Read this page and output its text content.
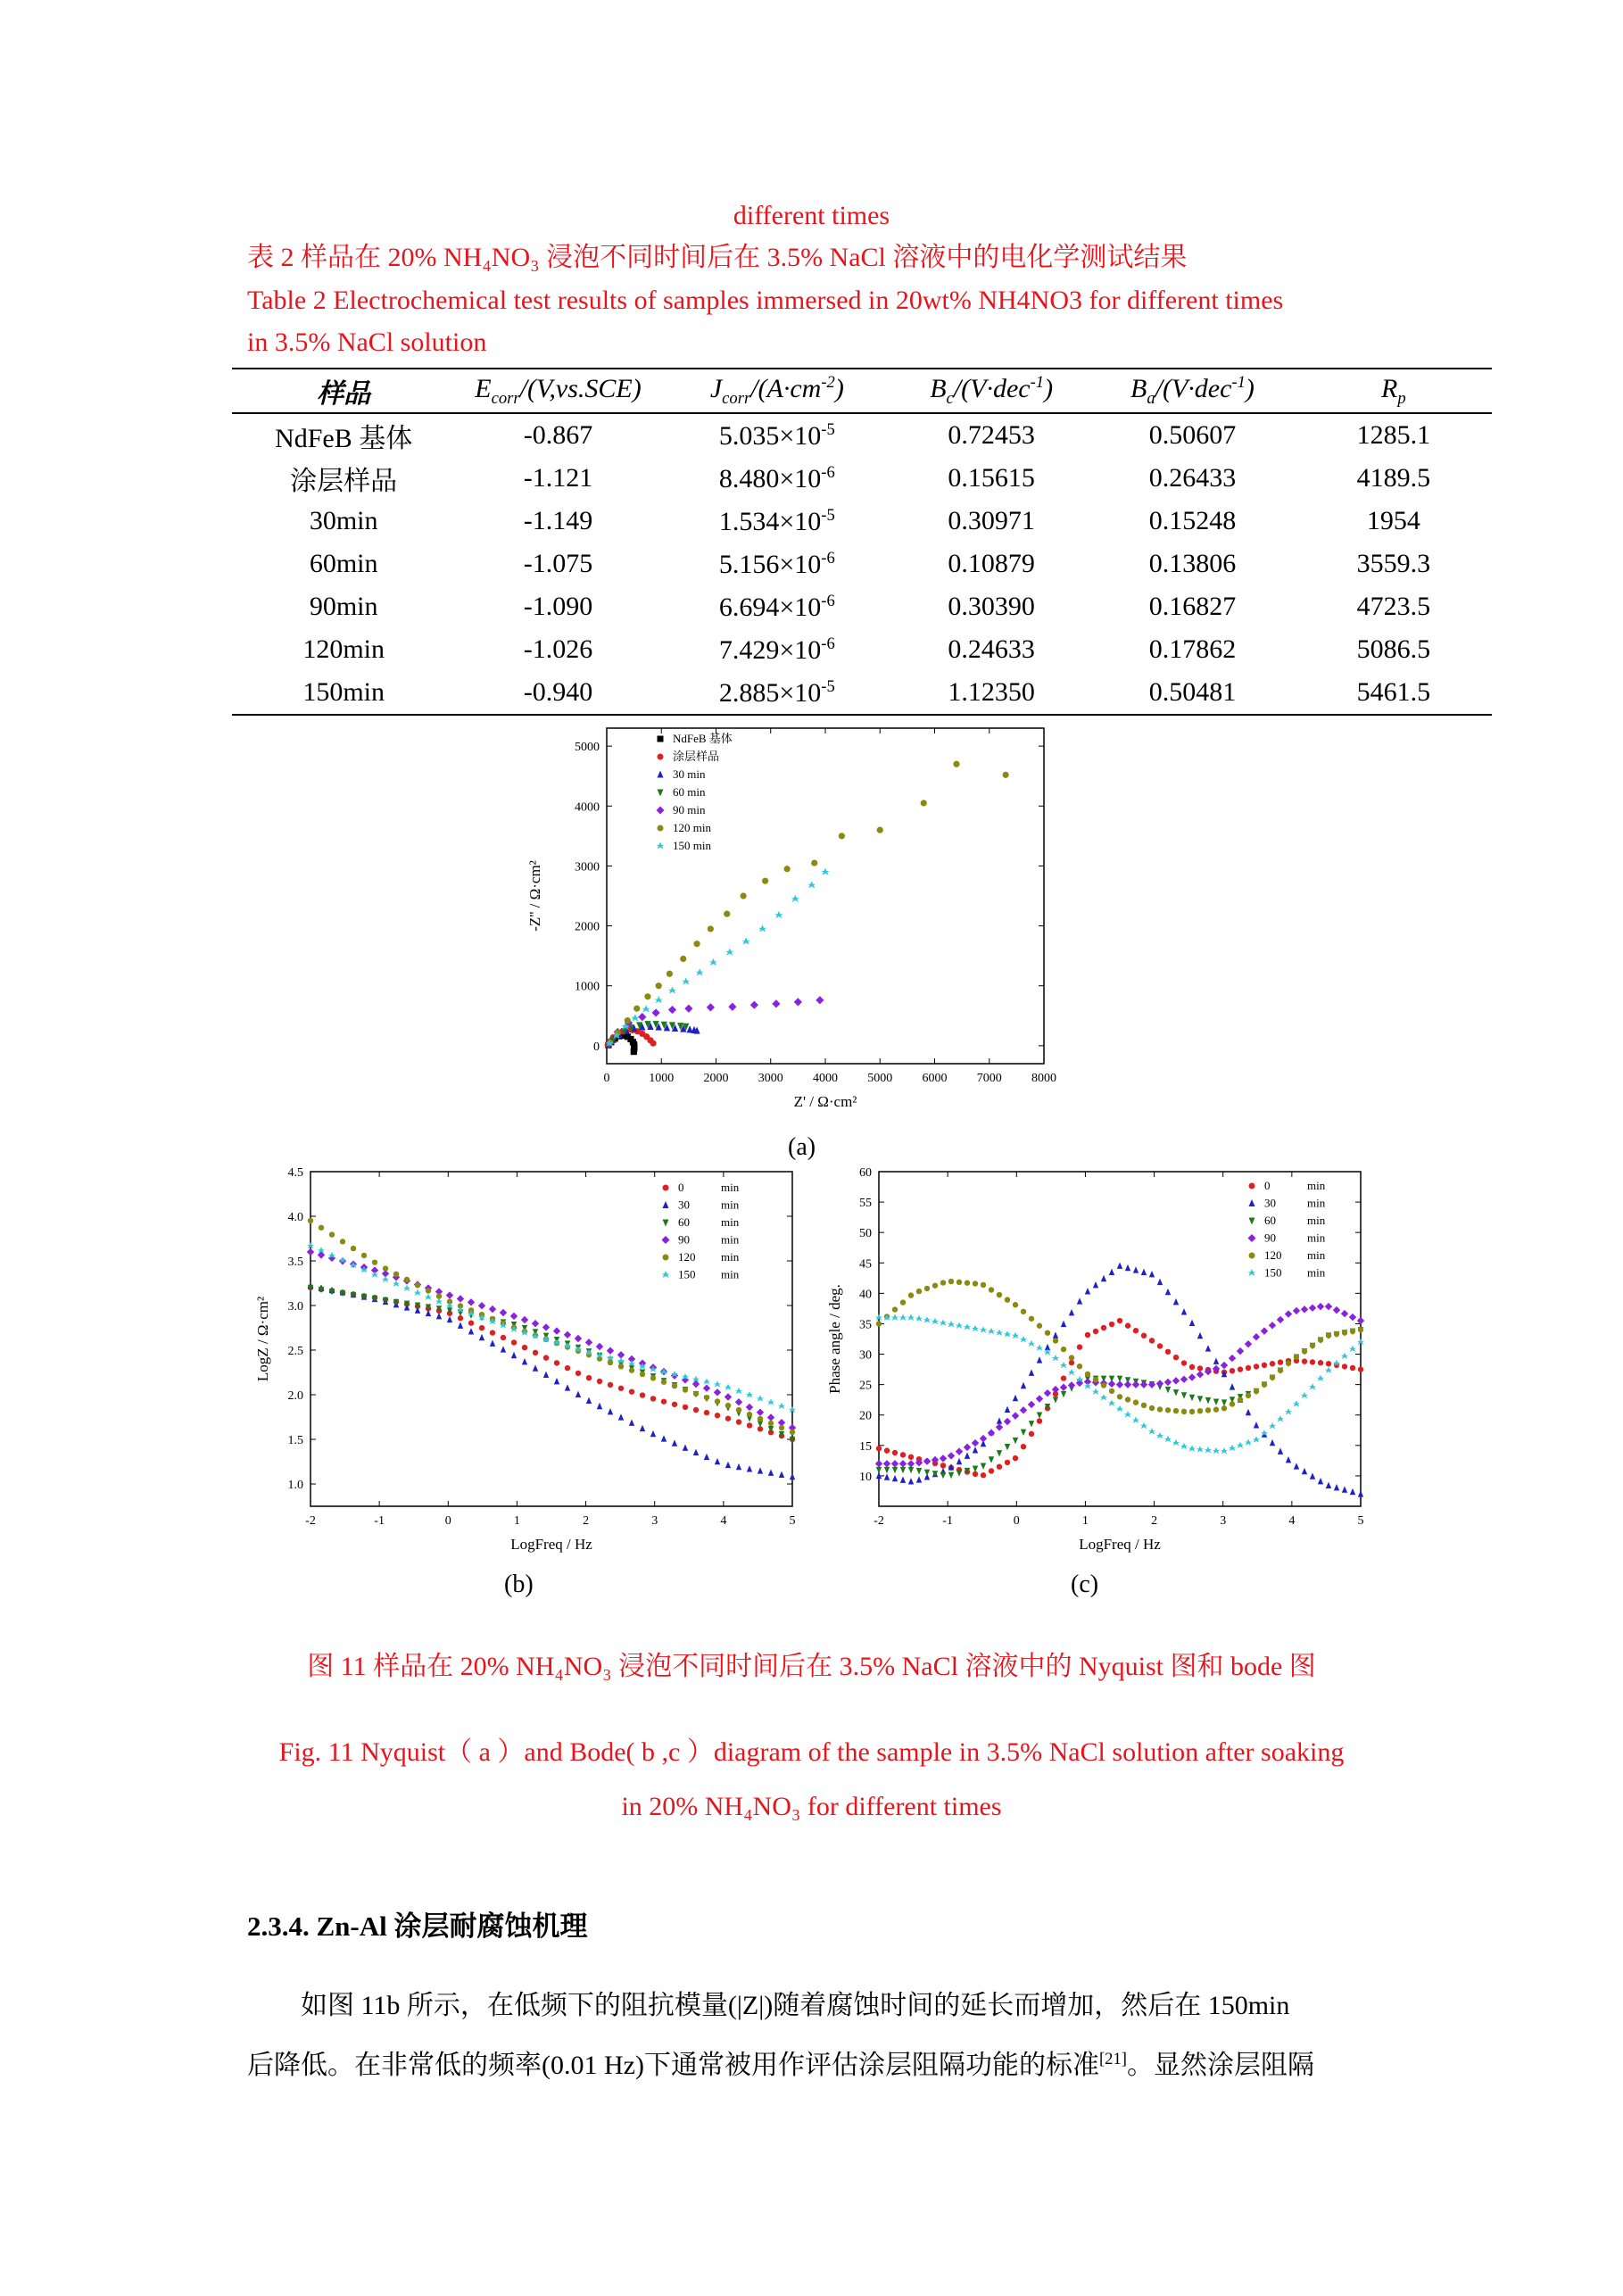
different times
表 2 样品在 20% NH₄NO₃ 浸泡不同时间后在 3.5% NaCl 溶液中的电化学测试结果
Table 2 Electrochemical test results of samples immersed in 20wt% NH4NO3 for different times
in 3.5% NaCl solution
样品	$E_{corr}/(V,vs.SCE)$	$J_{corr}/(A\cdot cm^{-2})$	$B_c/(V\cdot dec^{-1})$	$B_a/(V\cdot dec^{-1})$	$R_p$
NdFeB 基体	-0.867	$5.035\times 10^{-5}$	0.72453	0.50607	1285.1
涂层样品	-1.121	$8.480\times 10^{-6}$	0.15615	0.26433	4189.5
30min	-1.149	$1.534\times 10^{-5}$	0.30971	0.15248	1954
60min	-1.075	$5.156\times 10^{-6}$	0.10879	0.13806	3559.3
90min	-1.090	$6.694\times 10^{-6}$	0.30390	0.16827	4723.5
120min	-1.026	$7.429\times 10^{-6}$	0.24633	0.17862	5086.5
150min	-0.940	$2.885\times 10^{-5}$	1.12350	0.50481	5461.5
0	1000 2000 3000 4000 5000 6000 7000 8000
0
1000
2000
3000
4000
5000
Z' / Ω·cm²
-Z'' / Ω·cm²
NdFeB 基体
涂层样品
30 min
60 min
90 min
120 min
150 min
(a)
-2	-1	0	1	2	3	4	5
1.0
1.5
2.0
2.5
3.0
3.5
4.0
4.5
LogFreq / Hz
LogZ / Ω·cm²
0	min
30	min
60	min
90	min
120 min
150 min
(b)
-2	-1	0	1	2	3	4	5
10
15
20
25
30
35
40
45
50
55
60
LogFreq / Hz
Phase angle / deg.
0	min
30	min
60	min
90	min
120 min
150 min
(c)
图 11 样品在 20% NH₄NO₃ 浸泡不同时间后在 3.5% NaCl 溶液中的 Nyquist 图和 bode 图
Fig. 11 Nyquist（ a ）and Bode( b ,c ）diagram of the sample in 3.5% NaCl solution after soaking
in 20% NH₄NO₃ for different times
2.3.4. Zn-Al 涂层耐腐蚀机理
如图 11b 所示，在低频下的阻抗模量(|Z|)随着腐蚀时间的延长而增加，然后在 150min
后降低。在非常低的频率(0.01 Hz)下通常被用作评估涂层阻隔功能的标准[21]。显然涂层阻隔
